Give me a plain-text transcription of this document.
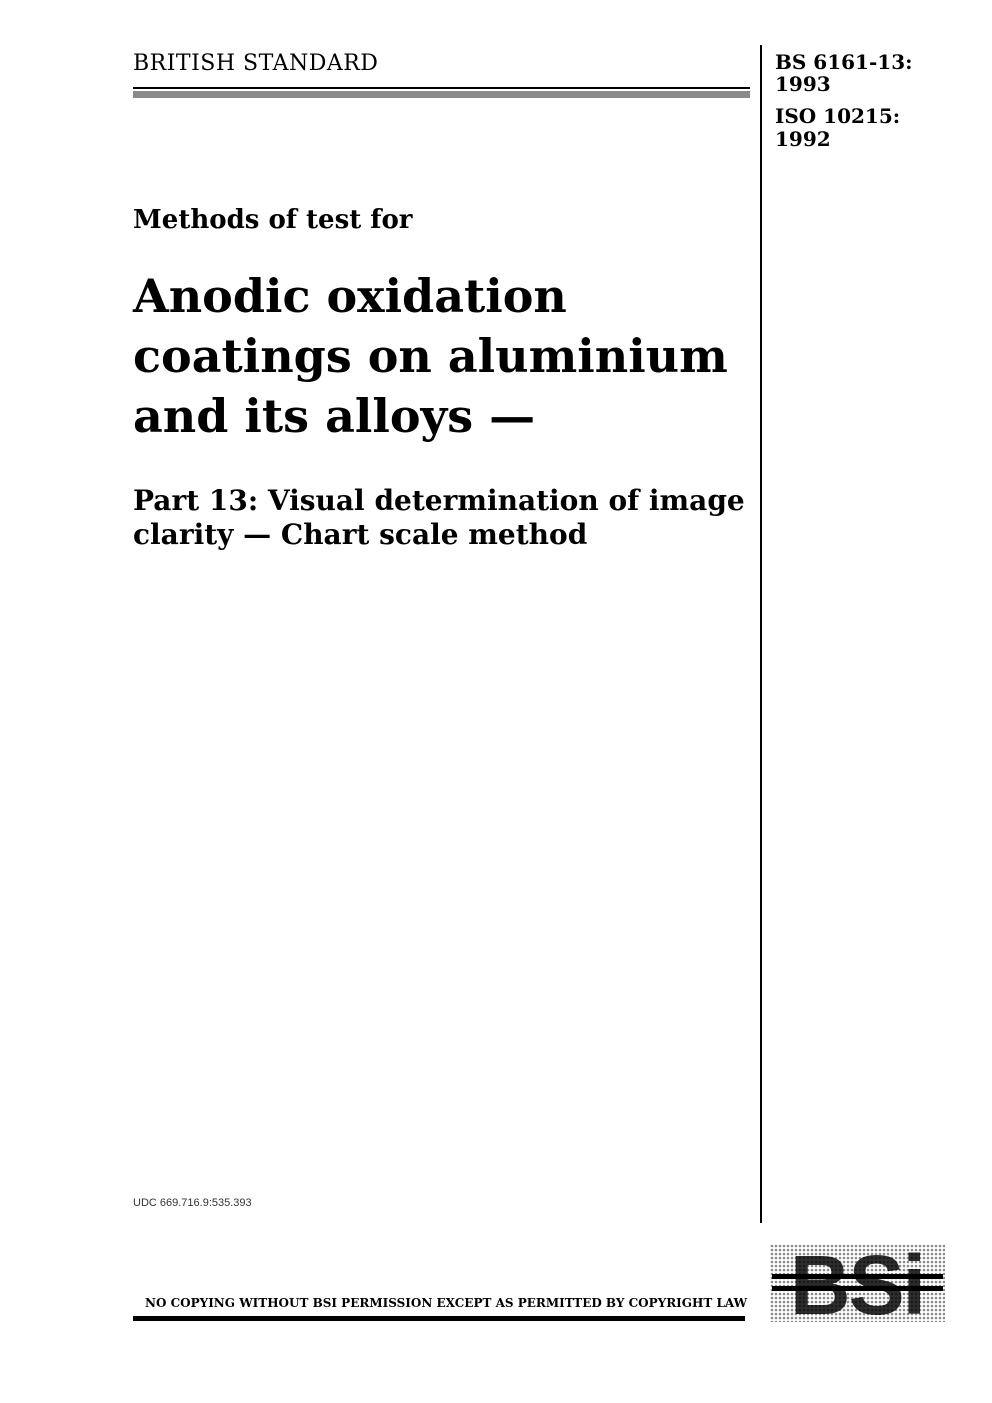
BRITISH STANDARD	BS 6161-13:
1993
ISO 10215:
1992
Methods of test for
Anodic oxidation
coatings on aluminium
and its alloys —
Part 13: Visual determination of image
clarity — Chart scale method
UDC 669.716.9:535.393
NO COPYING WITHOUT BSI PERMISSION EXCEPT AS PERMITTED BY COPYRIGHT LAW BSi
